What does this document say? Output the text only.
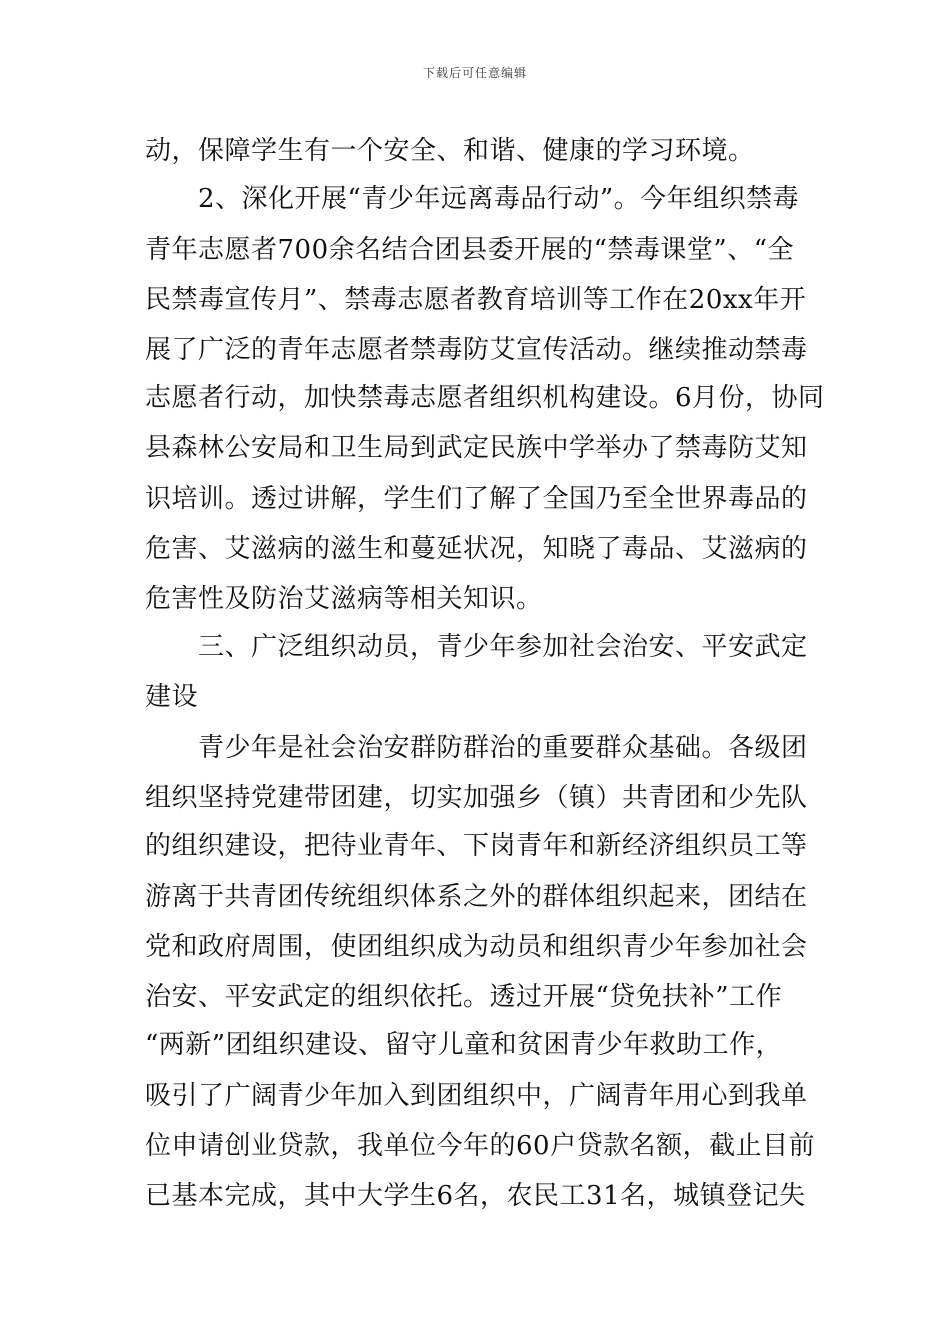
下载后可任意编辑
动，保障学生有一个安全、和谐、健康的学习环境。
　　2、深化开展“青少年远离毒品行动”。今年组织禁毒
青年志愿者700余名结合团县委开展的“禁毒课堂”、“全
民禁毒宣传月”、禁毒志愿者教育培训等工作在20xx年开
展了广泛的青年志愿者禁毒防艾宣传活动。继续推动禁毒
志愿者行动，加快禁毒志愿者组织机构建设。6月份，协同
县森林公安局和卫生局到武定民族中学举办了禁毒防艾知
识培训。透过讲解，学生们了解了全国乃至全世界毒品的
危害、艾滋病的滋生和蔓延状况，知晓了毒品、艾滋病的
危害性及防治艾滋病等相关知识。
　　三、广泛组织动员，青少年参加社会治安、平安武定
建设
　　青少年是社会治安群防群治的重要群众基础。各级团
组织坚持党建带团建，切实加强乡（镇）共青团和少先队
的组织建设，把待业青年、下岗青年和新经济组织员工等
游离于共青团传统组织体系之外的群体组织起来，团结在
党和政府周围，使团组织成为动员和组织青少年参加社会
治安、平安武定的组织依托。透过开展“贷免扶补”工作
“两新”团组织建设、留守儿童和贫困青少年救助工作，
吸引了广阔青少年加入到团组织中，广阔青年用心到我单
位申请创业贷款，我单位今年的60户贷款名额，截止目前
已基本完成，其中大学生6名，农民工31名，城镇登记失
